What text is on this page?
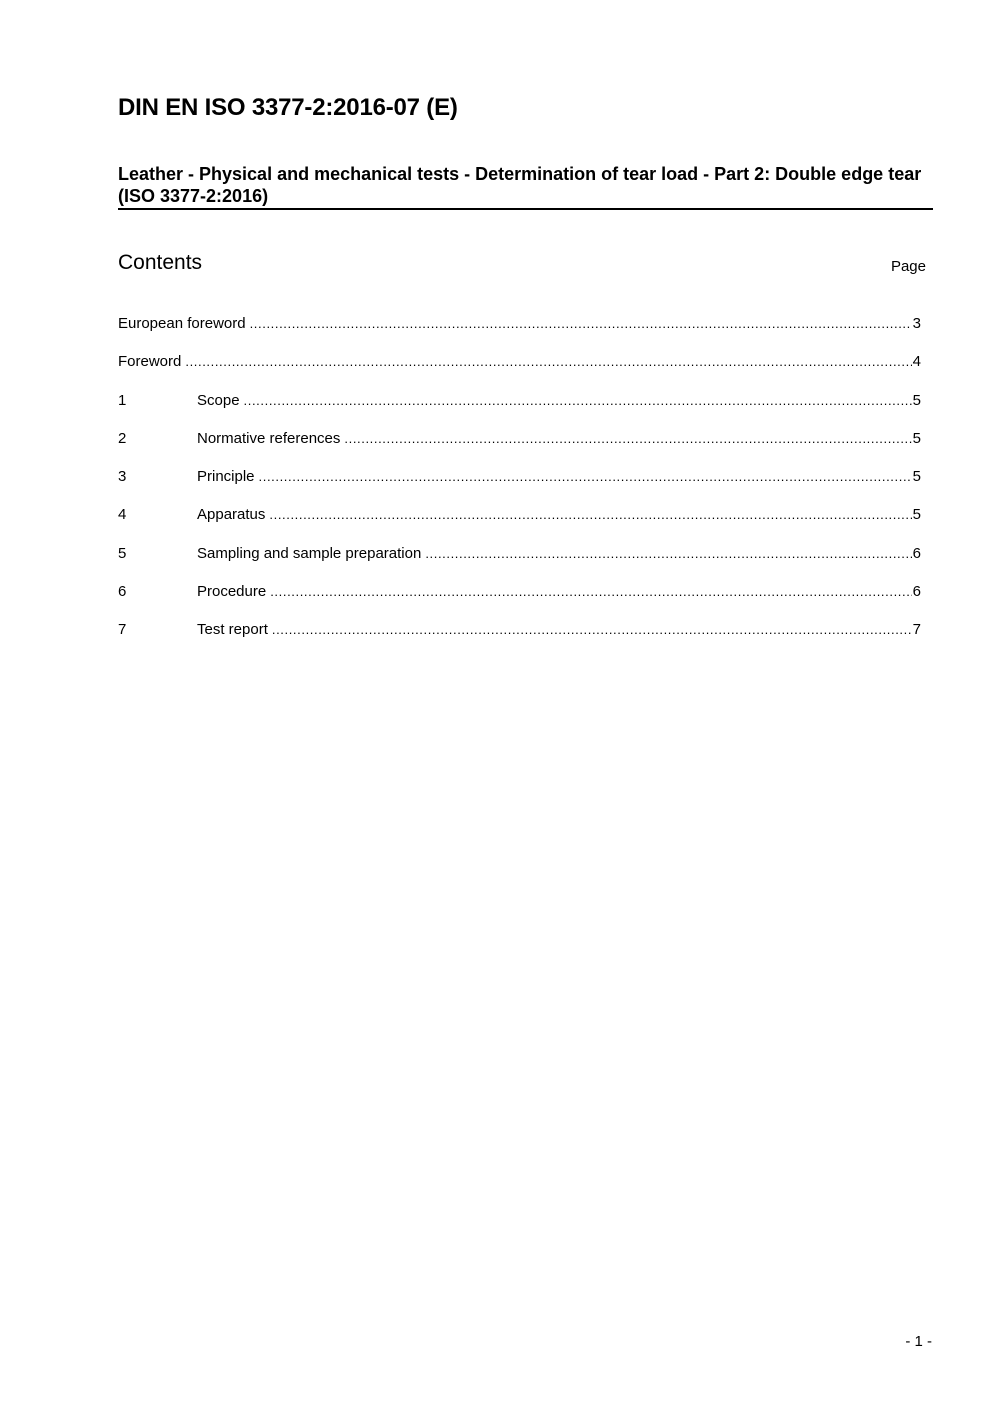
DIN EN ISO 3377-2:2016-07 (E)
Leather - Physical and mechanical tests - Determination of tear load - Part 2: Double edge tear (ISO 3377-2:2016)
Contents	Page
European foreword .....	3
Foreword .....	4
1	Scope .....	5
2	Normative references .....	5
3	Principle .....	5
4	Apparatus .....	5
5	Sampling and sample preparation .....	6
6	Procedure .....	6
7	Test report .....	7
- 1 -
